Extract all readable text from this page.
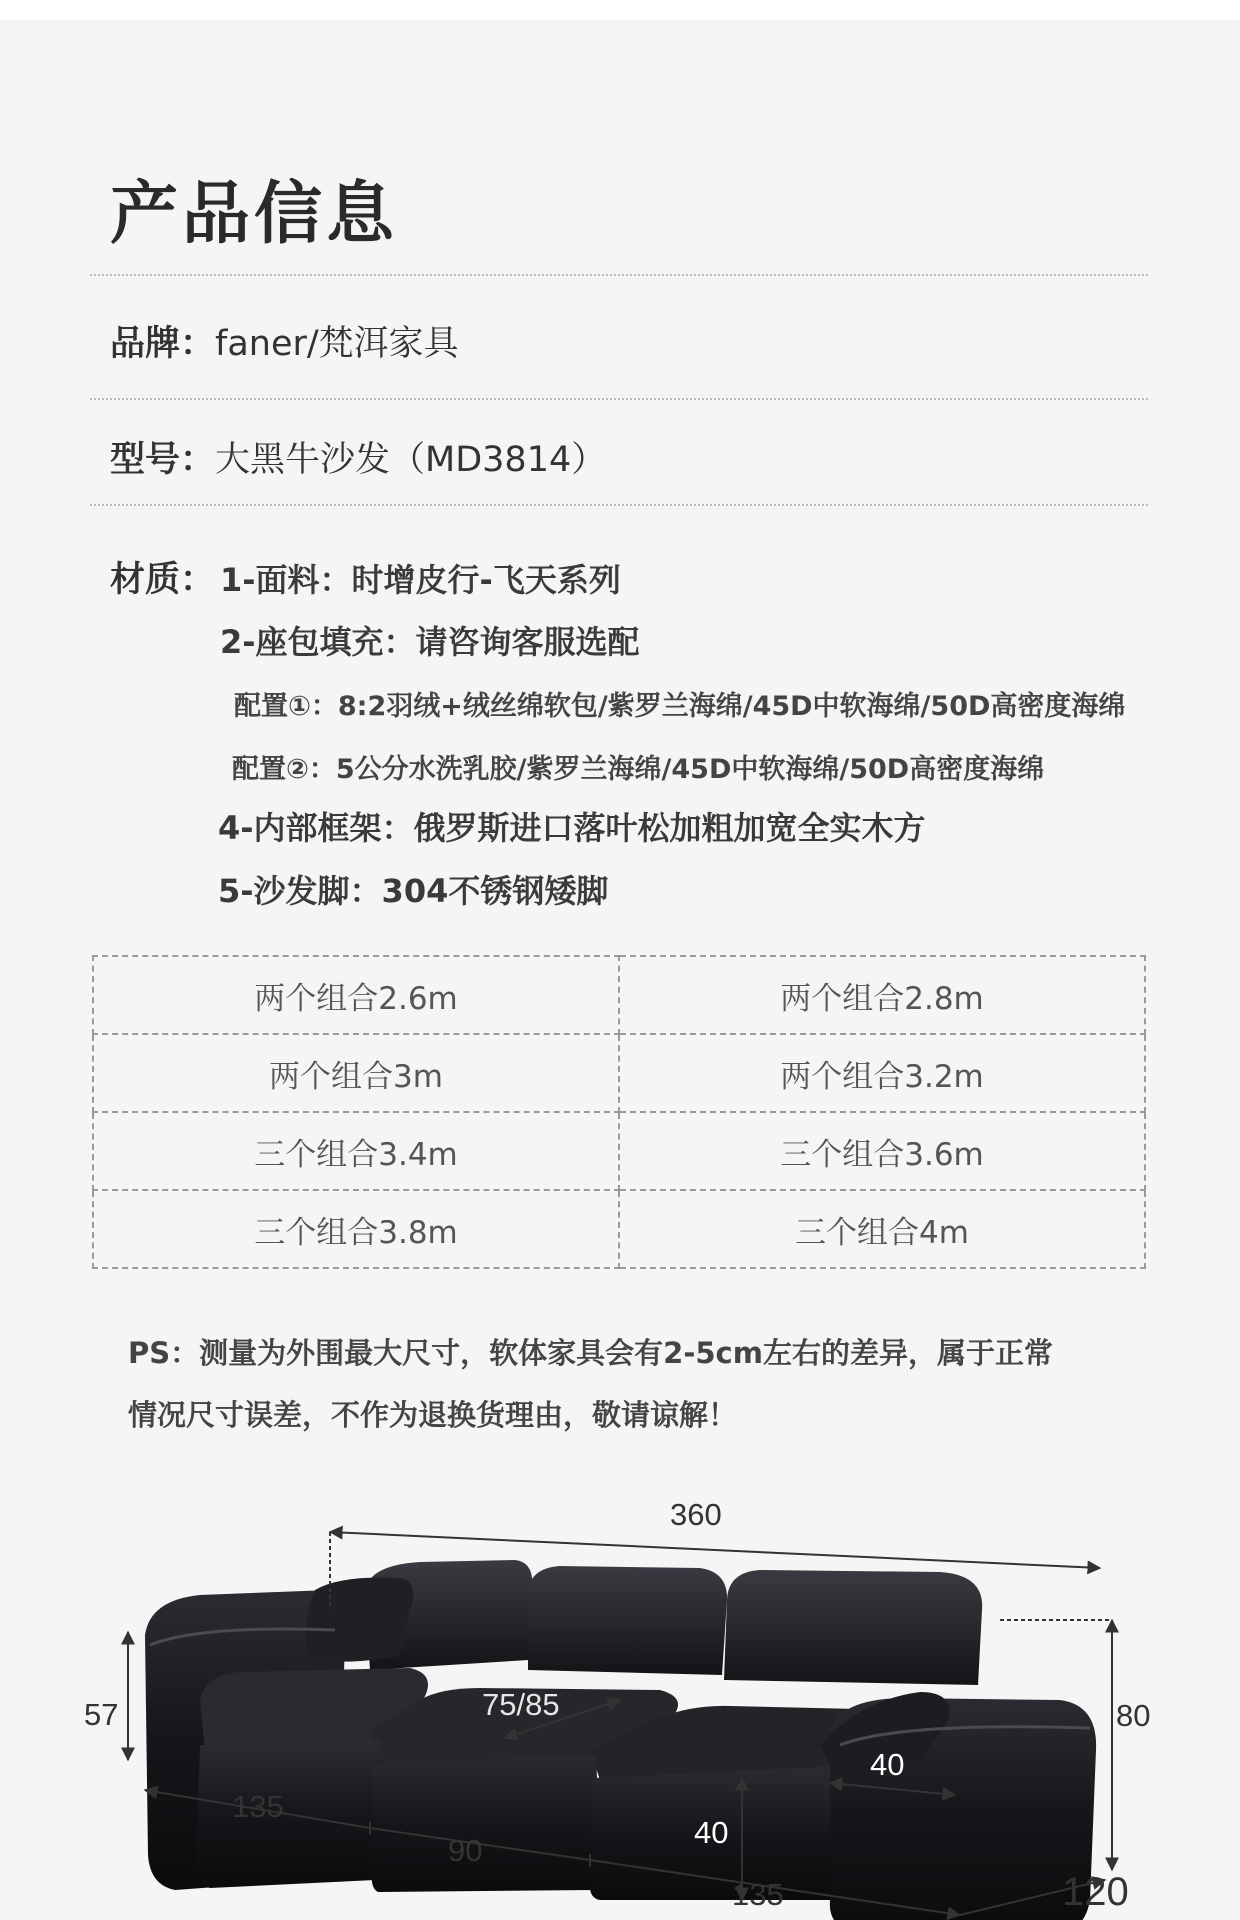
产品信息
品牌：faner/梵洱家具
型号：大黑牛沙发（MD3814）
材质： 1-面料：时增皮行-飞天系列
2-座包填充：请咨询客服选配
配置①：8:2羽绒+绒丝绵软包/紫罗兰海绵/45D中软海绵/50D高密度海绵
配置②：5公分水洗乳胶/紫罗兰海绵/45D中软海绵/50D高密度海绵
4-内部框架：俄罗斯进口落叶松加粗加宽全实木方
5-沙发脚：304不锈钢矮脚
两个组合2.6m	两个组合2.8m
两个组合3m	两个组合3.2m
三个组合3.4m	三个组合3.6m
三个组合3.8m	三个组合4m
PS：测量为外围最大尺寸，软体家具会有2-5cm左右的差异，属于正常
情况尺寸误差，不作为退换货理由，敬请谅解！
360
57	80
75/85
40
40
135
90
135	120
